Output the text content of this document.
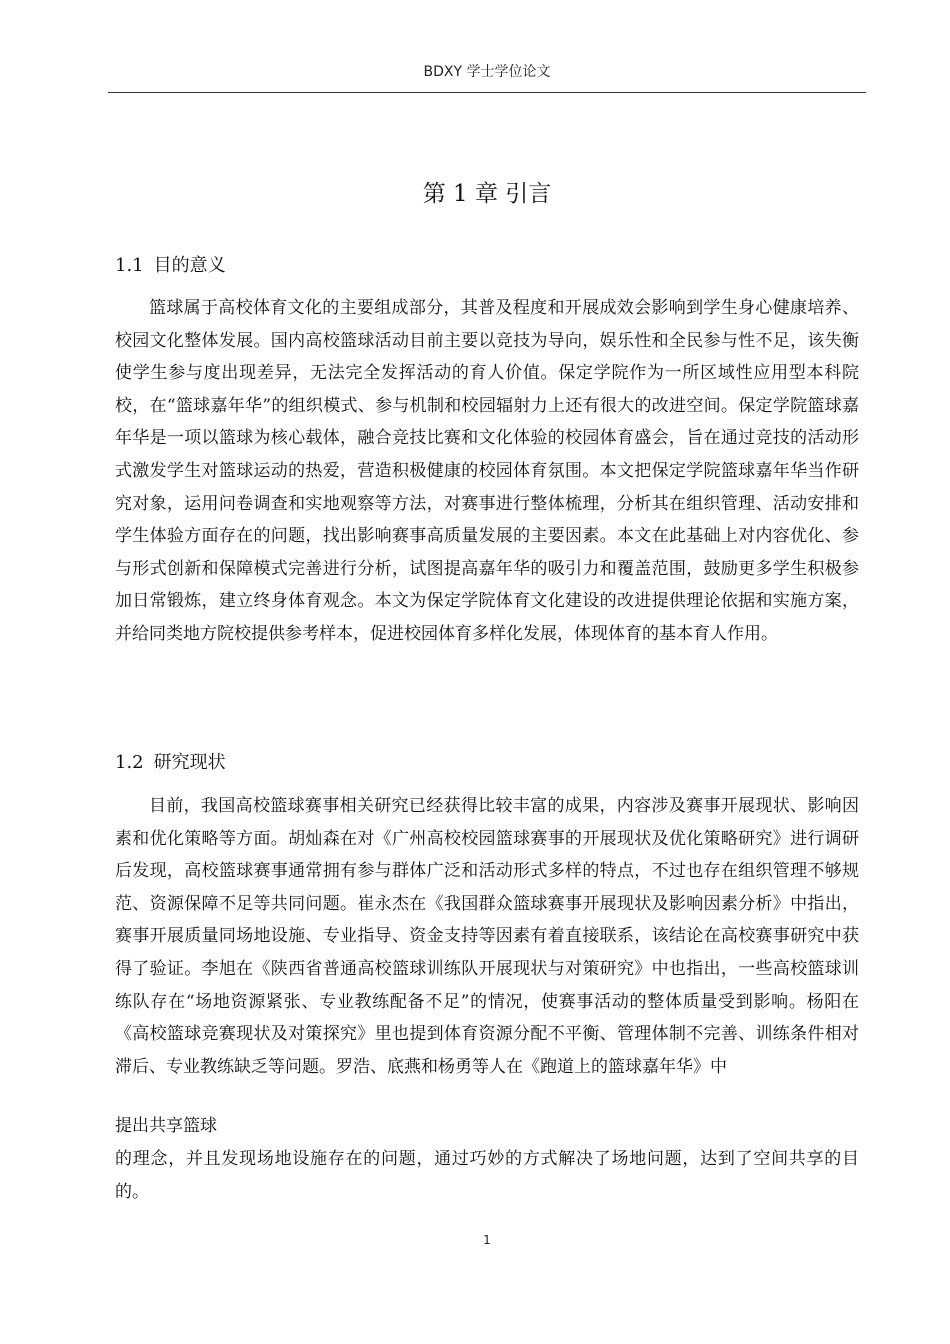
BDXY 学士学位论文
第 1 章 引言
1.1 目的意义

篮球属于高校体育文化的主要组成部分，其普及程度和开展成效会影响到学生身心健康培养、校园文化整体发展。国内高校篮球活动目前主要以竞技为导向，娱乐性和全民参与性不足，该失衡使学生参与度出现差异，无法完全发挥活动的育人价值。保定学院作为一所区域性应用型本科院校，在“篮球嘉年华”的组织模式、参与机制和校园辐射力上还有很大的改进空间。保定学院篮球嘉年华是一项以篮球为核心载体，融合竞技比赛和文化体验的校园体育盛会，旨在通过竞技的活动形式激发学生对篮球运动的热爱，营造积极健康的校园体育氛围。本文把保定学院篮球嘉年华当作研究对象，运用问卷调查和实地观察等方法，对赛事进行整体梳理，分析其在组织管理、活动安排和学生体验方面存在的问题，找出影响赛事高质量发展的主要因素。本文在此基础上对内容优化、参与形式创新和保障模式完善进行分析，试图提高嘉年华的吸引力和覆盖范围，鼓励更多学生积极参加日常锻炼，建立终身体育观念。本文为保定学院体育文化建设的改进提供理论依据和实施方案，并给同类地方院校提供参考样本，促进校园体育多样化发展，体现体育的基本育人作用。

1.2 研究现状

目前，我国高校篮球赛事相关研究已经获得比较丰富的成果，内容涉及赛事开展现状、影响因素和优化策略等方面。胡灿森在对《广州高校校园篮球赛事的开展现状及优化策略研究》进行调研后发现，高校篮球赛事通常拥有参与群体广泛和活动形式多样的特点，不过也存在组织管理不够规范、资源保障不足等共同问题。崔永杰在《我国群众篮球赛事开展现状及影响因素分析》中指出，赛事开展质量同场地设施、专业指导、资金支持等因素有着直接联系，该结论在高校赛事研究中获得了验证。李旭在《陕西省普通高校篮球训练队开展现状与对策研究》中也指出，一些高校篮球训练队存在“场地资源紧张、专业教练配备不足”的情况，使赛事活动的整体质量受到影响。杨阳在《高校篮球竞赛现状及对策探究》里也提到体育资源分配不平衡、管理体制不完善、训练条件相对滞后、专业教练缺乏等问题。罗浩、底燕和杨勇等人在《跑道上的篮球嘉年华》中

提出共享篮球

的理念，并且发现场地设施存在的问题，通过巧妙的方式解决了场地问题，达到了空间共享的目的。

1
